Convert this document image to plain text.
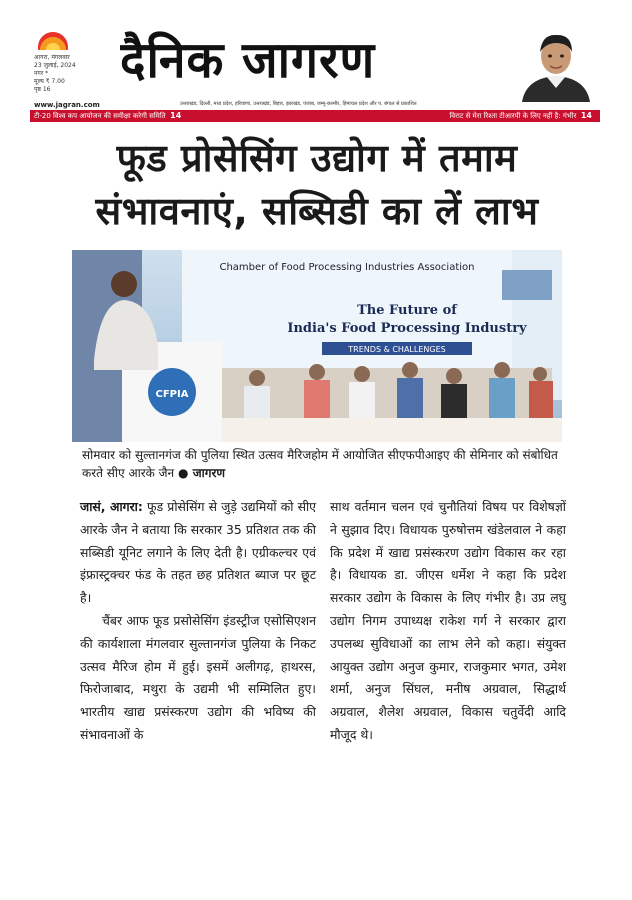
आगरा, मंगलवार
23 जुलाई, 2024
नगर *
मूल्य ₹ 7.00
पृष्ठ 16
दैनिक जागरण
www.jagran.com	उत्तराखंड, दिल्ली, मध्य प्रदेश, हरियाणा, उत्तराखंड, बिहार, झारखंड, पंजाब, जम्मू-कश्मीर, हिमाचल प्रदेश और प. बंगाल से प्रकाशित
टी-20 विश्व कप आयोजन की समीक्षा करेगी समिति 14	विराट से मेरा रिश्ता टीआरपी के लिए नहीं है: गंभीर 14
फूड प्रोसेसिंग उद्योग में तमाम संभावनाएं, सब्सिडी का लें लाभ
Chamber of Food Processing Industries Association
The Future of
India's Food Processing Industry
TRENDS & CHALLENGES
CFPIA
सोमवार को सुल्तानगंज की पुलिया स्थित उत्सव मैरिजहोम में आयोजित सीएफपीआइए की सेमिनार को संबोधित करते सीए आरके जैन ● जागरण

जासं, आगरा: फूड प्रोसेसिंग से जुड़े उद्यमियों को सीए आरके जैन ने बताया कि सरकार 35 प्रतिशत तक की सब्सिडी यूनिट लगाने के लिए देती है। एग्रीकल्चर एवं इंफ्रास्ट्रक्चर फंड के तहत छह प्रतिशत ब्याज पर छूट है।

चैंबर आफ फूड प्रसोसेसिंग इंडस्ट्रीज एसोसिएशन की कार्यशाला मंगलवार सुल्तानगंज पुलिया के निकट उत्सव मैरिज होम में हुई। इसमें अलीगढ़, हाथरस, फिरोजाबाद, मथुरा के उद्यमी भी सम्मिलित हुए। भारतीय खाद्य प्रसंस्करण उद्योग की भविष्य की संभावनाओं के

साथ वर्तमान चलन एवं चुनौतियां विषय पर विशेषज्ञों ने सुझाव दिए। विधायक पुरुषोत्तम खंडेलवाल ने कहा कि प्रदेश में खाद्य प्रसंस्करण उद्योग विकास कर रहा है। विधायक डा. जीएस धर्मेश ने कहा कि प्रदेश सरकार उद्योग के विकास के लिए गंभीर है। उप्र लघु उद्योग निगम उपाध्यक्ष राकेश गर्ग ने सरकार द्वारा उपलब्ध सुविधाओं का लाभ लेने को कहा। संयुक्त आयुक्त उद्योग अनुज कुमार, राजकुमार भगत, उमेश शर्मा, अनुज सिंघल, मनीष अग्रवाल, सिद्धार्थ अग्रवाल, शैलेश अग्रवाल, विकास चतुर्वेदी आदि मौजूद थे।
